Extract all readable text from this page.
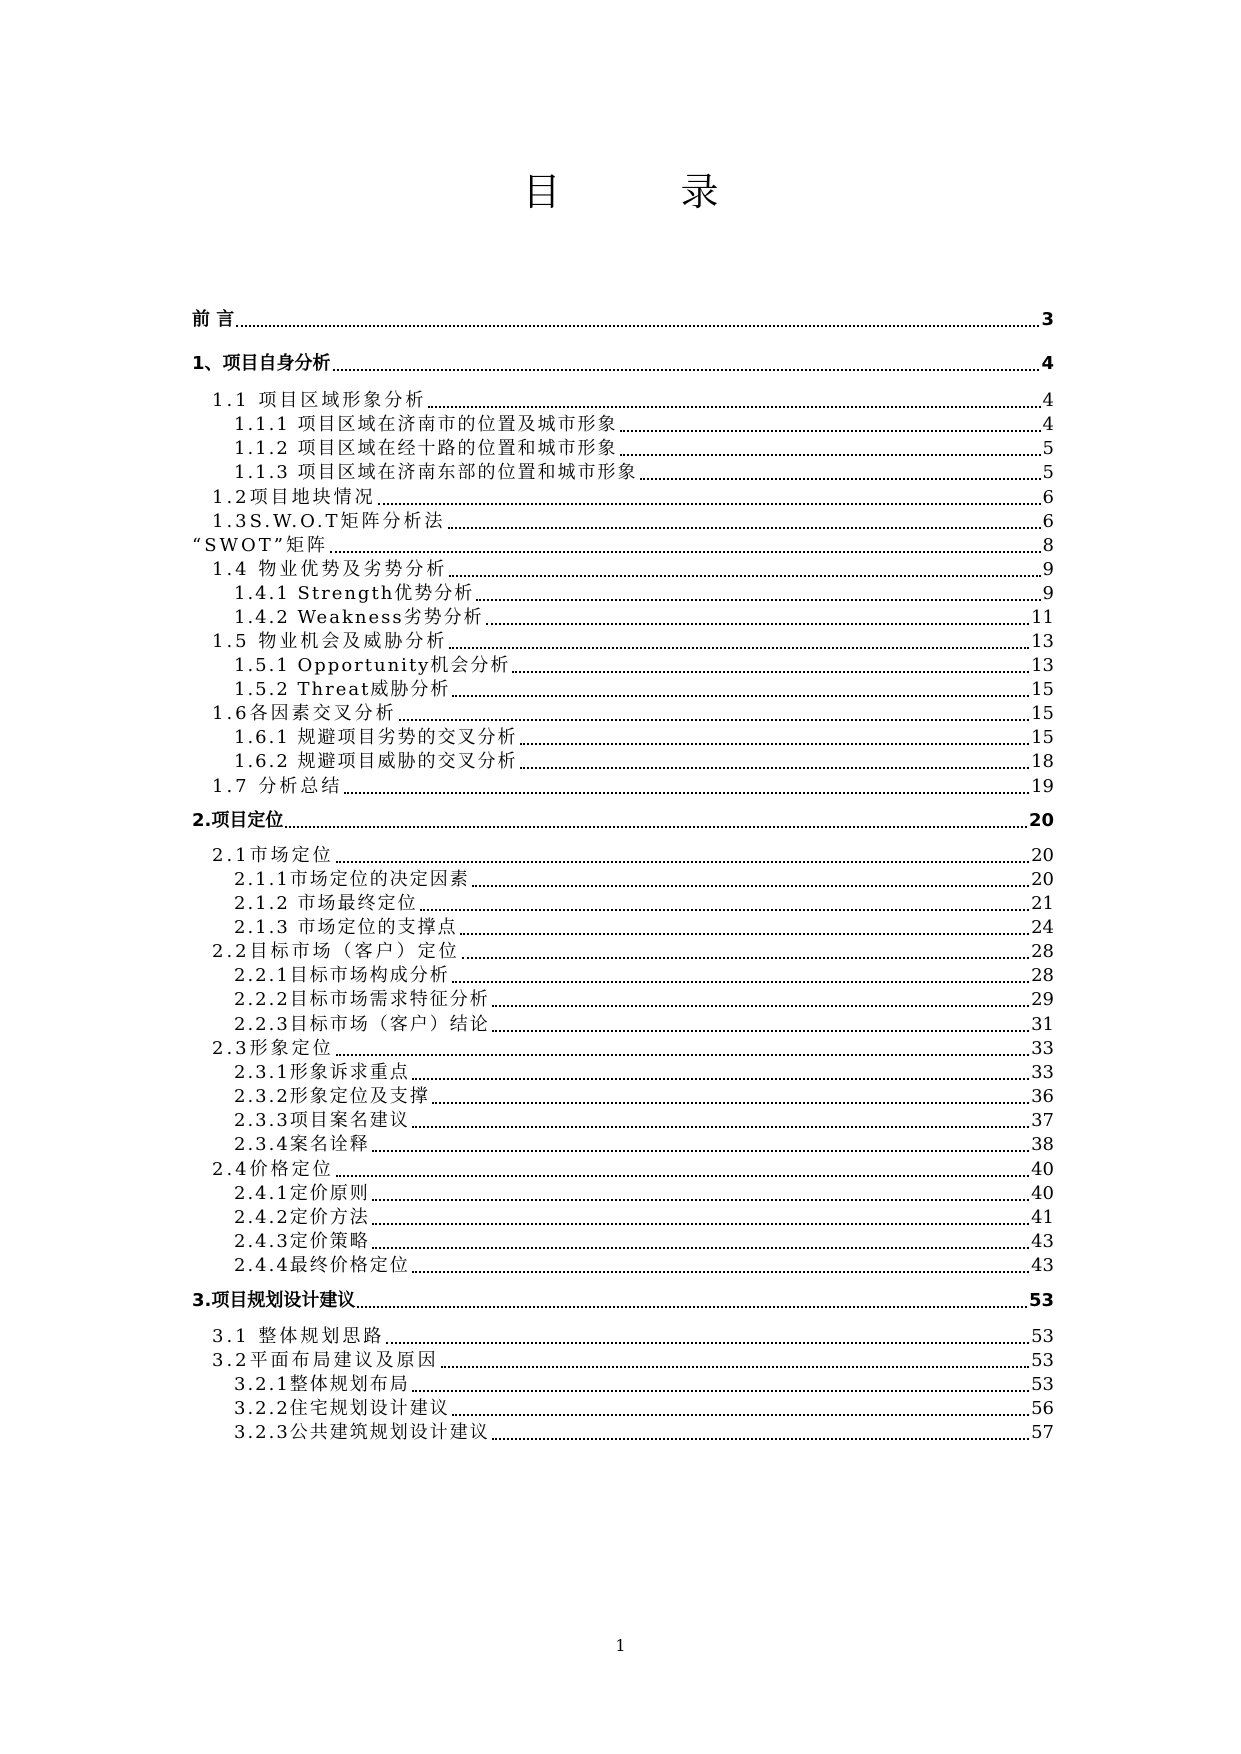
目	录
前 言	3
1、项目自身分析	4
1.1 项目区域形象分析	4
1.1.1 项目区域在济南市的位置及城市形象	4
1.1.2 项目区域在经十路的位置和城市形象	5
1.1.3 项目区域在济南东部的位置和城市形象	5
1.2项目地块情况	6
1.3S.W.O.T矩阵分析法	6
“SWOT”矩阵	8
1.4 物业优势及劣势分析	9
1.4.1 Strength优势分析	9
1.4.2 Weakness劣势分析	11
1.5 物业机会及威胁分析	13
1.5.1 Opportunity机会分析	13
1.5.2 Threat威胁分析	15
1.6各因素交叉分析	15
1.6.1 规避项目劣势的交叉分析	15
1.6.2 规避项目威胁的交叉分析	18
1.7 分析总结	19
2.项目定位	20
2.1市场定位	20
2.1.1市场定位的决定因素	20
2.1.2 市场最终定位	21
2.1.3 市场定位的支撑点	24
2.2目标市场（客户）定位	28
2.2.1目标市场构成分析	28
2.2.2目标市场需求特征分析	29
2.2.3目标市场（客户）结论	31
2.3形象定位	33
2.3.1形象诉求重点	33
2.3.2形象定位及支撑	36
2.3.3项目案名建议	37
2.3.4案名诠释	38
2.4价格定位	40
2.4.1定价原则	40
2.4.2定价方法	41
2.4.3定价策略	43
2.4.4最终价格定位	43
3.项目规划设计建议	53
3.1 整体规划思路	53
3.2平面布局建议及原因	53
3.2.1整体规划布局	53
3.2.2住宅规划设计建议	56
3.2.3公共建筑规划设计建议	57
1
